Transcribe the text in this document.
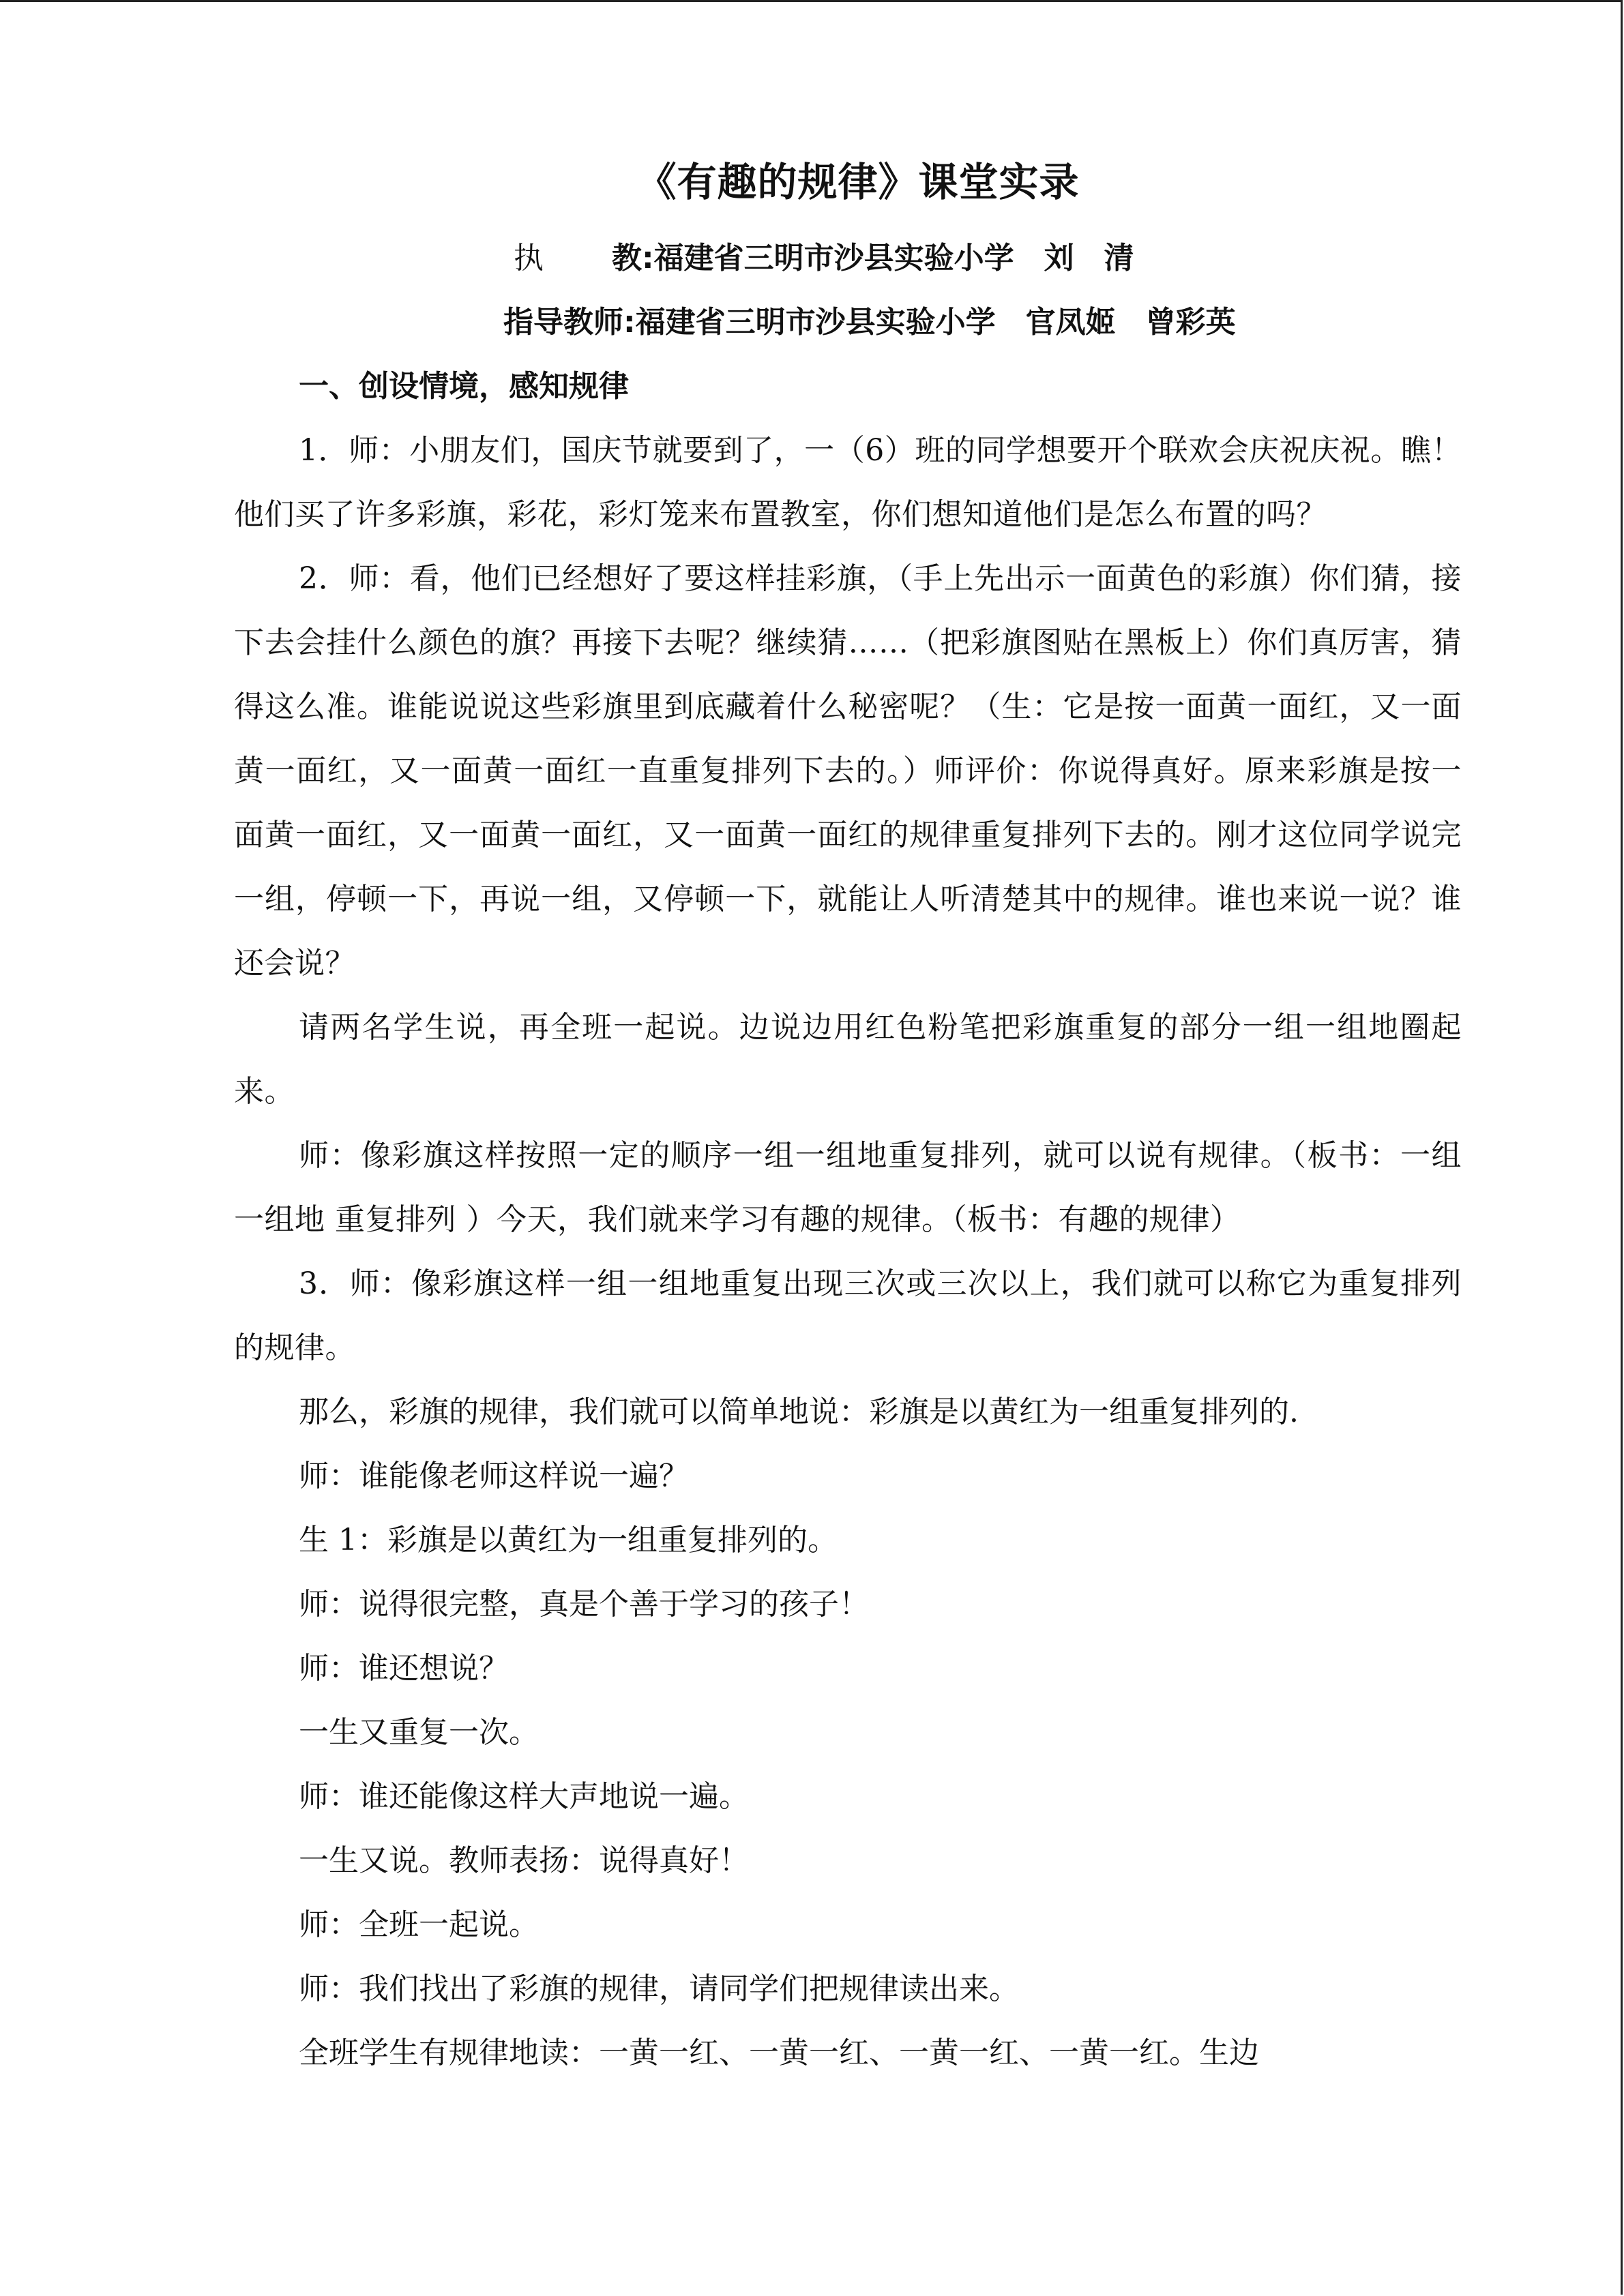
《有趣的规律》课堂实录
执 教:福建省三明市沙县实验小学　刘　清
指导教师:福建省三明市沙县实验小学　官凤姬　曾彩英
一、创设情境，感知规律

1．师：小朋友们，国庆节就要到了，一（6）班的同学想要开个联欢会庆祝庆祝。瞧！他们买了许多彩旗，彩花，彩灯笼来布置教室，你们想知道他们是怎么布置的吗？

2．师：看，他们已经想好了要这样挂彩旗，（手上先出示一面黄色的彩旗）你们猜，接下去会挂什么颜色的旗？再接下去呢？继续猜……（把彩旗图贴在黑板上）你们真厉害，猜得这么准。谁能说说这些彩旗里到底藏着什么秘密呢？（生：它是按一面黄一面红，又一面黄一面红，又一面黄一面红一直重复排列下去的。）师评价：你说得真好。原来彩旗是按一面黄一面红，又一面黄一面红，又一面黄一面红的规律重复排列下去的。刚才这位同学说完一组，停顿一下，再说一组，又停顿一下，就能让人听清楚其中的规律。谁也来说一说？谁还会说？

请两名学生说，再全班一起说。边说边用红色粉笔把彩旗重复的部分一组一组地圈起来。

师：像彩旗这样按照一定的顺序一组一组地重复排列，就可以说有规律。（板书：一组一组地 重复排列 ）今天，我们就来学习有趣的规律。（板书：有趣的规律）

3．师：像彩旗这样一组一组地重复出现三次或三次以上，我们就可以称它为重复排列的规律。

那么，彩旗的规律，我们就可以简单地说：彩旗是以黄红为一组重复排列的.

师：谁能像老师这样说一遍？

生 1：彩旗是以黄红为一组重复排列的。

师：说得很完整，真是个善于学习的孩子！

师：谁还想说？

一生又重复一次。

师：谁还能像这样大声地说一遍。

一生又说。教师表扬：说得真好！

师：全班一起说。

师：我们找出了彩旗的规律，请同学们把规律读出来。

全班学生有规律地读：一黄一红、一黄一红、一黄一红、一黄一红。生边
